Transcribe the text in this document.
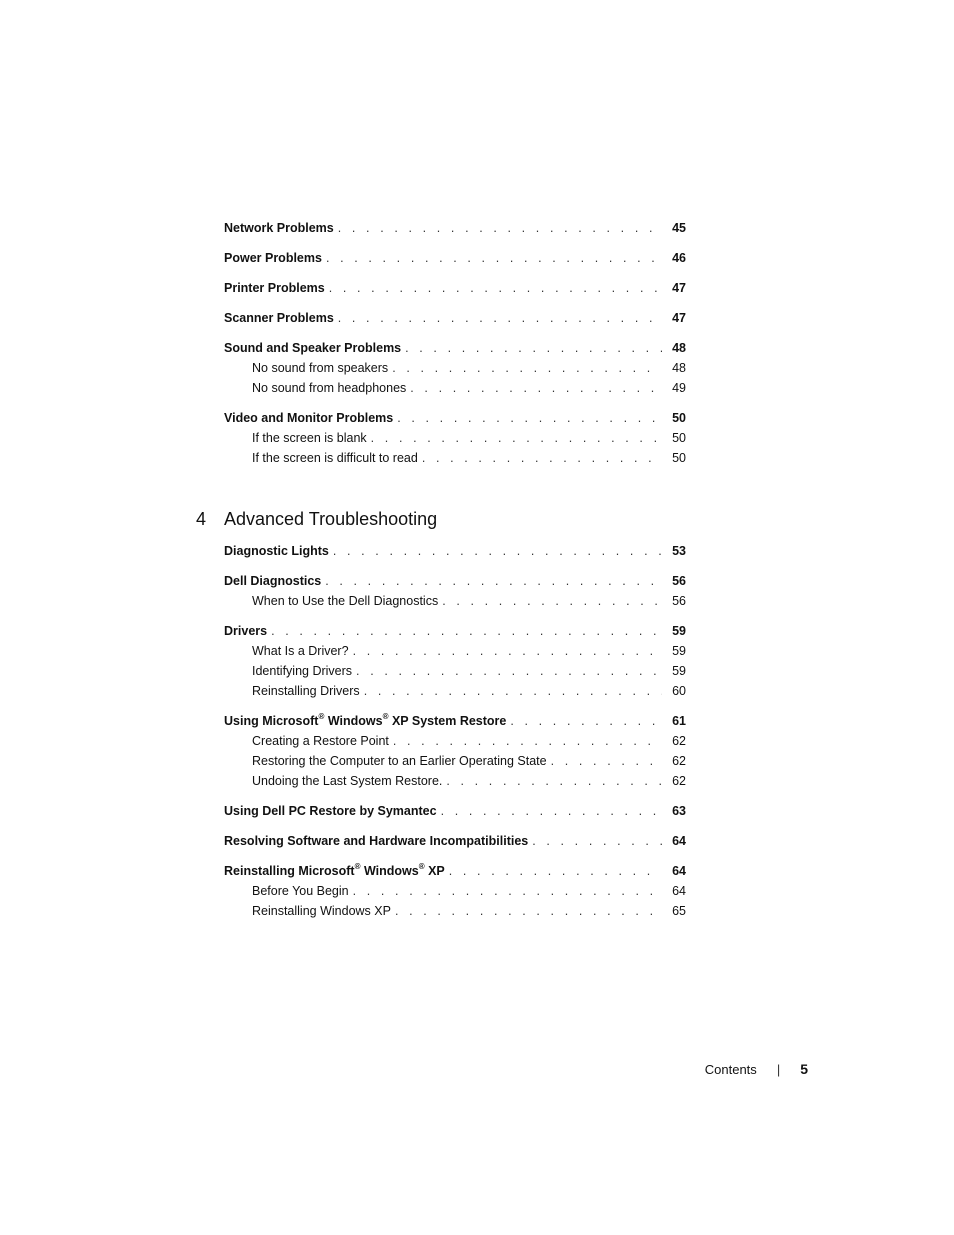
Network Problems . . .	45
Power Problems . . .	46
Printer Problems . . .	47
Scanner Problems . . .	47
Sound and Speaker Problems . . .	48
No sound from speakers . . .	48
No sound from headphones . . .	49
Video and Monitor Problems . . .	50
If the screen is blank . . .	50
If the screen is difficult to read . . .	50
4 Advanced Troubleshooting
Diagnostic Lights . . .	53
Dell Diagnostics . . .	56
When to Use the Dell Diagnostics . . .	56
Drivers . . .	59
What Is a Driver? . . .	59
Identifying Drivers . . .	59
Reinstalling Drivers . . .	60
Using Microsoft® Windows® XP System Restore . . .	61
Creating a Restore Point . . .	62
Restoring the Computer to an Earlier Operating State . . .	62
Undoing the Last System Restore. . . .	62
Using Dell PC Restore by Symantec . . .	63
Resolving Software and Hardware Incompatibilities . . .	64
Reinstalling Microsoft® Windows® XP . . .	64
Before You Begin . . .	64
Reinstalling Windows XP . . .	65
Contents | 5
